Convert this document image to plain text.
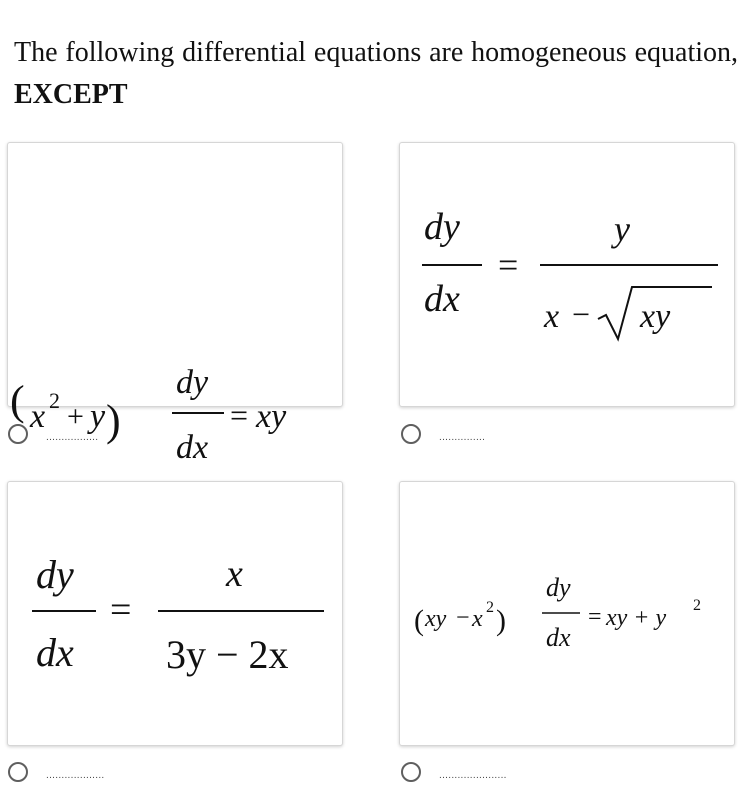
The following differential equations are homogeneous equation, EXCEPT
( x 2 + y )
dy
dx
= xy
dy
dx
=
y
x − xy
dy
dx
=
x
3y − 2x
( xy − x 2 )
dy
dx
= xy + y 2
.................	...............
...................	......................
